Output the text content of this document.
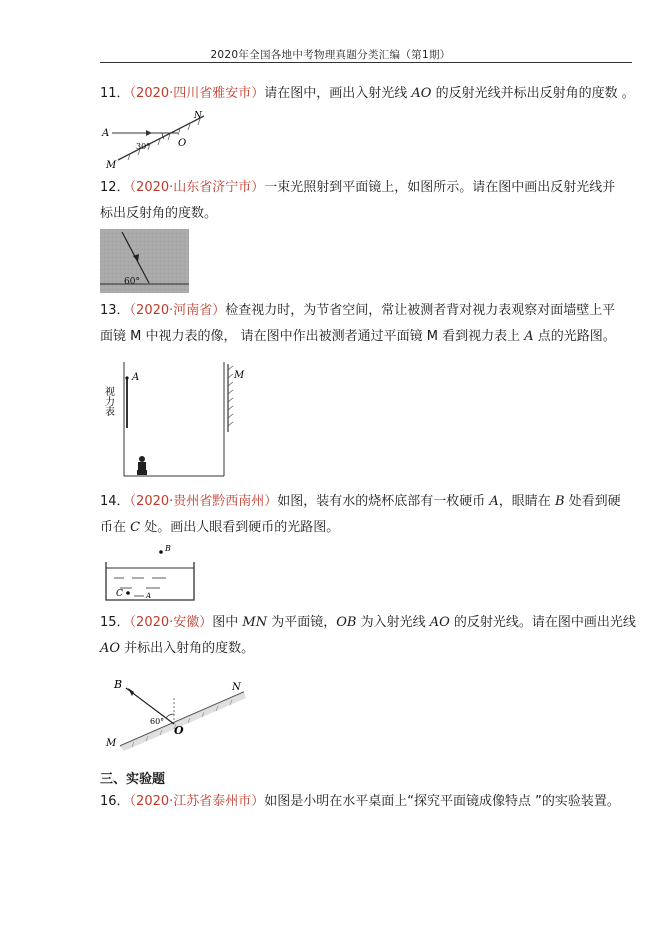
2020年全国各地中考物理真题分类汇编（第1期）
11．（2020·四川省雅安市）请在图中，画出入射光线 AO 的反射光线并标出反射角的度数 。
A
N
M
O
30°
12．（2020·山东省济宁市）一束光照射到平面镜上，如图所示。请在图中画出反射光线并
标出反射角的度数。
60°
13．（2020·河南省）检查视力时，为节省空间，常让被测者背对视力表观察对面墙壁上平
面镜 M 中视力表的像， 请在图中作出被测者通过平面镜 M 看到视力表上 A 点的光路图。
A	M
视力表
14．（2020·贵州省黔西南州）如图，装有水的烧杯底部有一枚硬币 A，眼睛在 B 处看到硬
币在 C 处。画出人眼看到硬币的光路图。
B
C	A
15．（2020·安徽）图中 MN 为平面镜，OB 为入射光线 AO 的反射光线。请在图中画出光线
AO 并标出入射角的度数。
B	N
M
O
60°
三、实验题
16．（2020·江苏省泰州市）如图是小明在水平桌面上“探究平面镜成像特点 ”的实验装置。
